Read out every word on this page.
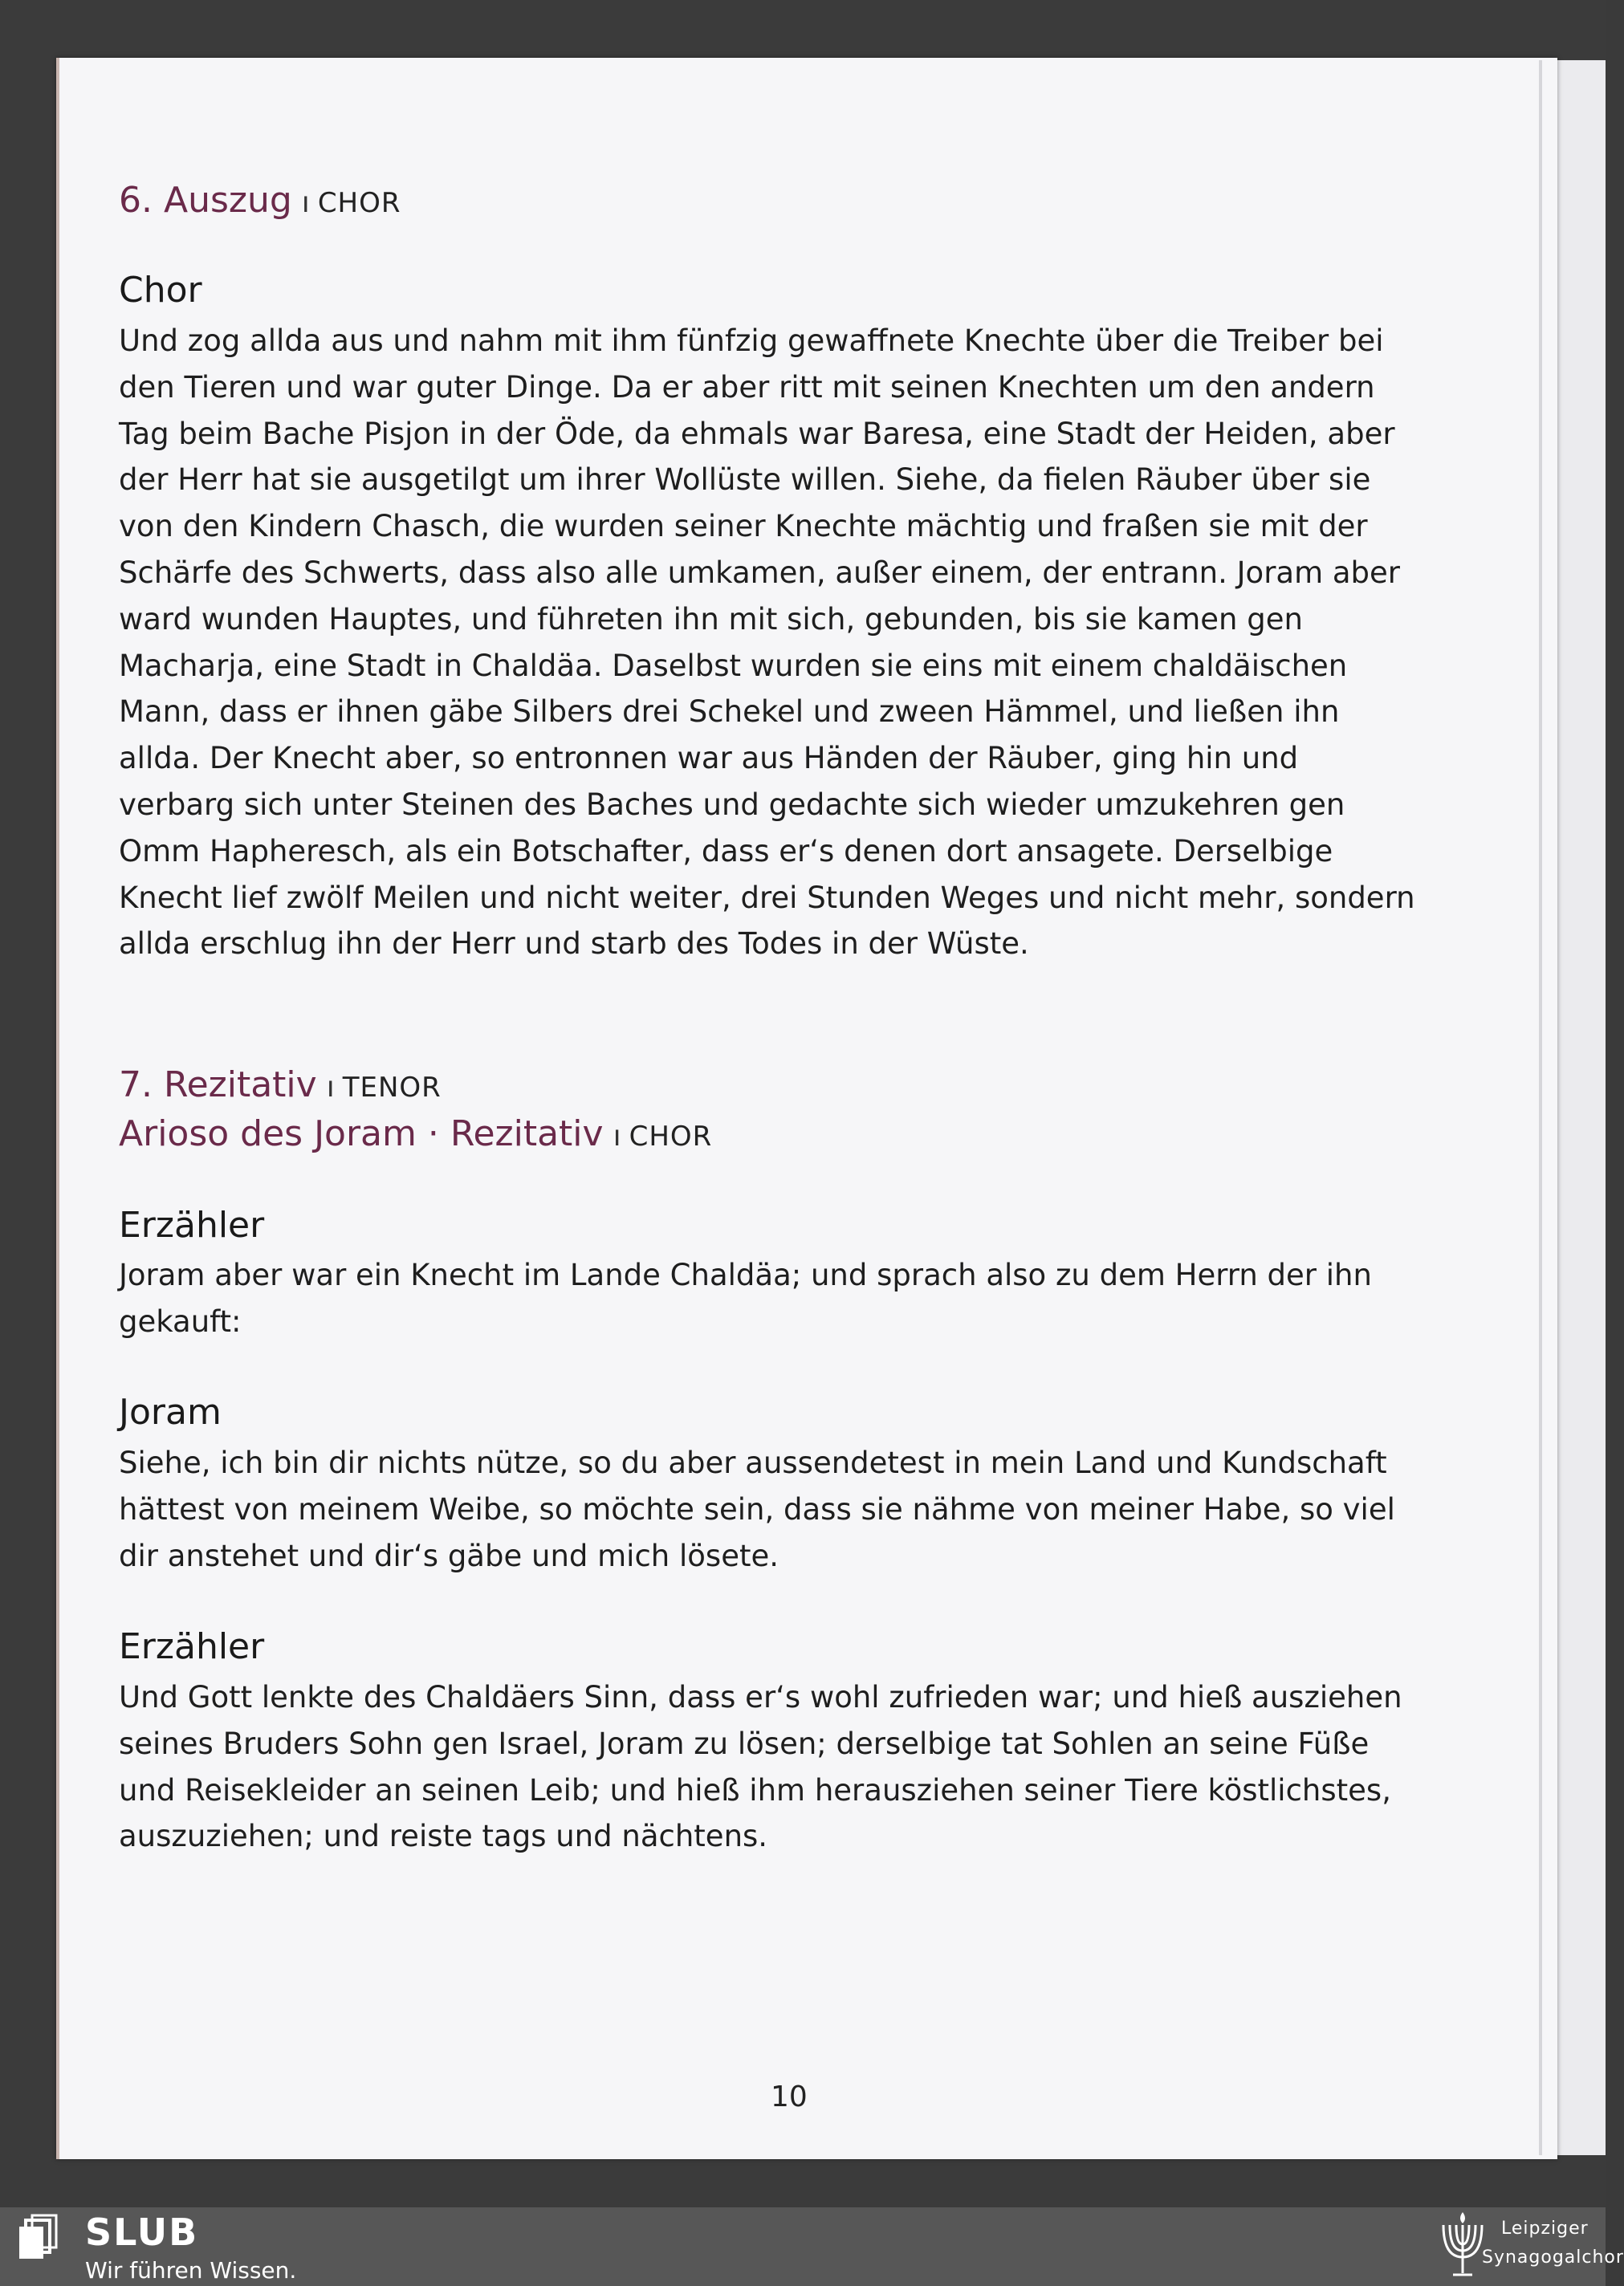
6. Auszug ı CHOR
Chor

Und zog allda aus und nahm mit ihm fünfzig gewaffnete Knechte über die Treiber bei den Tieren und war guter Dinge. Da er aber ritt mit seinen Knechten um den andern Tag beim Bache Pisjon in der Öde, da ehmals war Baresa, eine Stadt der Heiden, aber der Herr hat sie ausgetilgt um ihrer Wollüste willen. Siehe, da fielen Räuber über sie von den Kindern Chasch, die wurden seiner Knechte mächtig und fraßen sie mit der Schärfe des Schwerts, dass also alle umkamen, außer einem, der entrann. Joram aber ward wunden Hauptes, und führeten ihn mit sich, gebunden, bis sie kamen gen Macharja, eine Stadt in Chaldäa. Daselbst wurden sie eins mit einem chaldäischen Mann, dass er ihnen gäbe Silbers drei Schekel und zween Hämmel, und ließen ihn allda. Der Knecht aber, so entronnen war aus Händen der Räuber, ging hin und verbarg sich unter Steinen des Baches und gedachte sich wieder umzukehren gen Omm Hapheresch, als ein Botschafter, dass er‘s denen dort ansagete. Derselbige Knecht lief zwölf Meilen und nicht weiter, drei Stunden Weges und nicht mehr, sondern allda erschlug ihn der Herr und starb des Todes in der Wüste.

7. Rezitativ ı TENOR
Arioso des Joram · Rezitativ ı CHOR
Erzähler

Joram aber war ein Knecht im Lande Chaldäa; und sprach also zu dem Herrn der ihn gekauft:

Joram

Siehe, ich bin dir nichts nütze, so du aber aussendetest in mein Land und Kundschaft hättest von meinem Weibe, so möchte sein, dass sie nähme von meiner Habe, so viel dir anstehet und dir‘s gäbe und mich lösete.

Erzähler

Und Gott lenkte des Chaldäers Sinn, dass er‘s wohl zufrieden war; und hieß ausziehen seines Bruders Sohn gen Israel, Joram zu lösen; derselbige tat Sohlen an seine Füße und Reisekleider an seinen Leib; und hieß ihm herausziehen seiner Tiere köstlichstes, auszuziehen; und reiste tags und nächtens.

10
SLUB
Wir führen Wissen.
Leipziger
Synagogalchor
